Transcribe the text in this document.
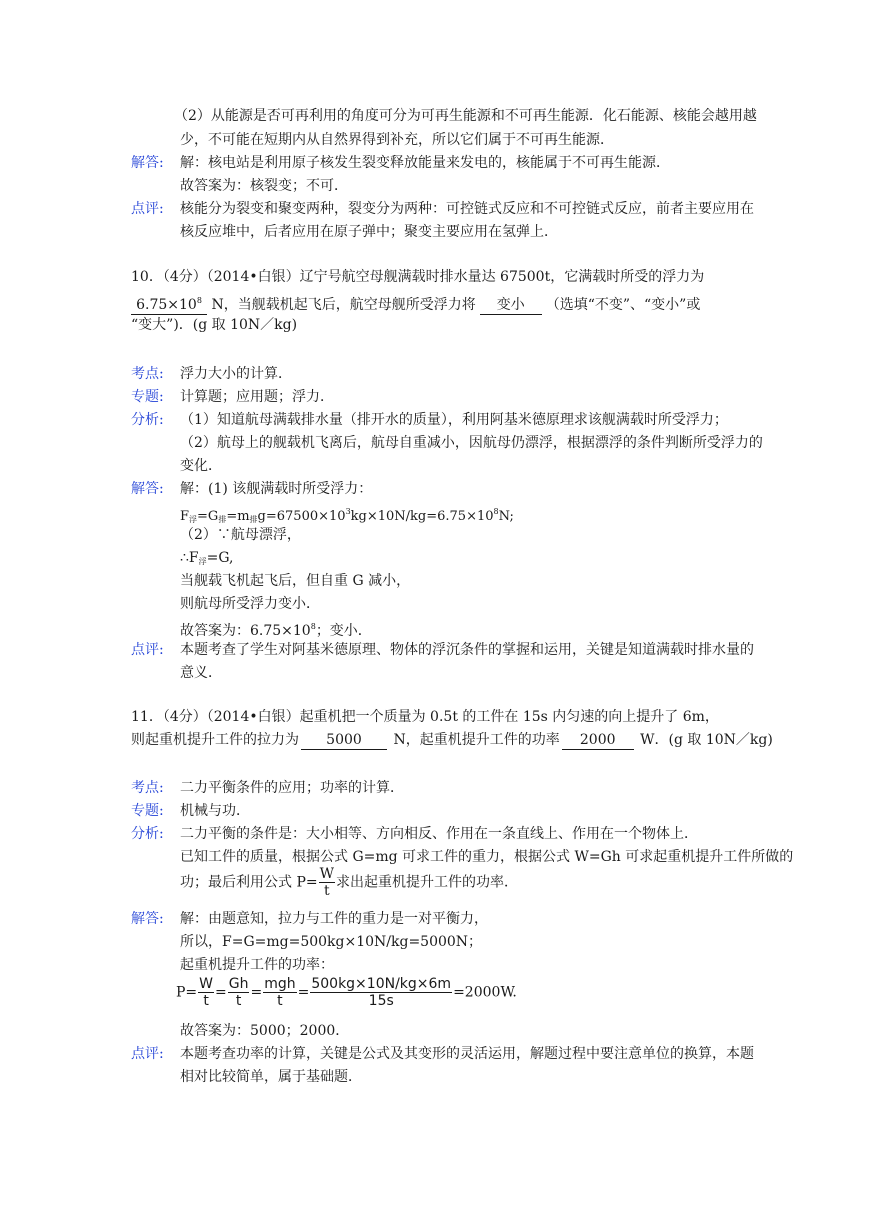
（2）从能源是否可再利用的角度可分为可再生能源和不可再生能源．化石能源、核能会越用越
少，不可能在短期内从自然界得到补充，所以它们属于不可再生能源．
解答: 解：核电站是利用原子核发生裂变释放能量来发电的，核能属于不可再生能源．
故答案为：核裂变；不可．
点评: 核能分为裂变和聚变两种，裂变分为两种：可控链式反应和不可控链式反应，前者主要应用在
核反应堆中，后者应用在原子弹中；聚变主要应用在氢弹上．
10．（4分）（2014•白银）辽宁号航空母舰满载时排水量达 67500t，它满载时所受的浮力为
$6.75\times 10^8$ N，当舰载机起飞后，航空母舰所受浮力将 变小 （选填“不变”、“变小”或
“变大”)．(g 取 10N／kg)
考点: 浮力大小的计算．
专题: 计算题；应用题；浮力．
分析: （1）知道航母满载排水量（排开水的质量），利用阿基米德原理求该舰满载时所受浮力；
（2）航母上的舰载机飞离后，航母自重减小，因航母仍漂浮，根据漂浮的条件判断所受浮力的
变化．
解答: 解：(1) 该舰满载时所受浮力：
$F_浮=G_排=m_排g=67500\times 10^3kg\times 10N/kg=6.75\times 10^8N$;
（2）∵航母漂浮，
$\therefore F_浮=G$,
当舰载飞机起飞后，但自重 G 减小，
则航母所受浮力变小．
故答案为：$6.75\times 10^8$；变小．
点评: 本题考查了学生对阿基米德原理、物体的浮沉条件的掌握和运用，关键是知道满载时排水量的
意义．
11．（4分）（2014•白银）起重机把一个质量为 0.5t 的工件在 15s 内匀速的向上提升了 6m，
则起重机提升工件的拉力为 5000 N，起重机提升工件的功率 2000 W．(g 取 10N／kg)
考点: 二力平衡条件的应用；功率的计算．
专题: 机械与功．
分析: 二力平衡的条件是：大小相等、方向相反、作用在一条直线上、作用在一个物体上．
已知工件的质量，根据公式 G=mg 可求工件的重力，根据公式 W=Gh 可求起重机提升工件所做的
功；最后利用公式 $P= \frac{W}{t}$ 求出起重机提升工件的功率．
解答: 解：由题意知，拉力与工件的重力是一对平衡力，
所以，F=G=mg=500kg×10N/kg=5000N；
起重机提升工件的功率：
$P= \frac{W}{t} = \frac{Gh}{t} = \frac{\text{mgh}}{t} = \frac{500kg\times 10N/kg\times 6m}{15s} =2000W$.
故答案为：5000；2000．
点评: 本题考查功率的计算，关键是公式及其变形的灵活运用，解题过程中要注意单位的换算，本题
相对比较简单，属于基础题．
